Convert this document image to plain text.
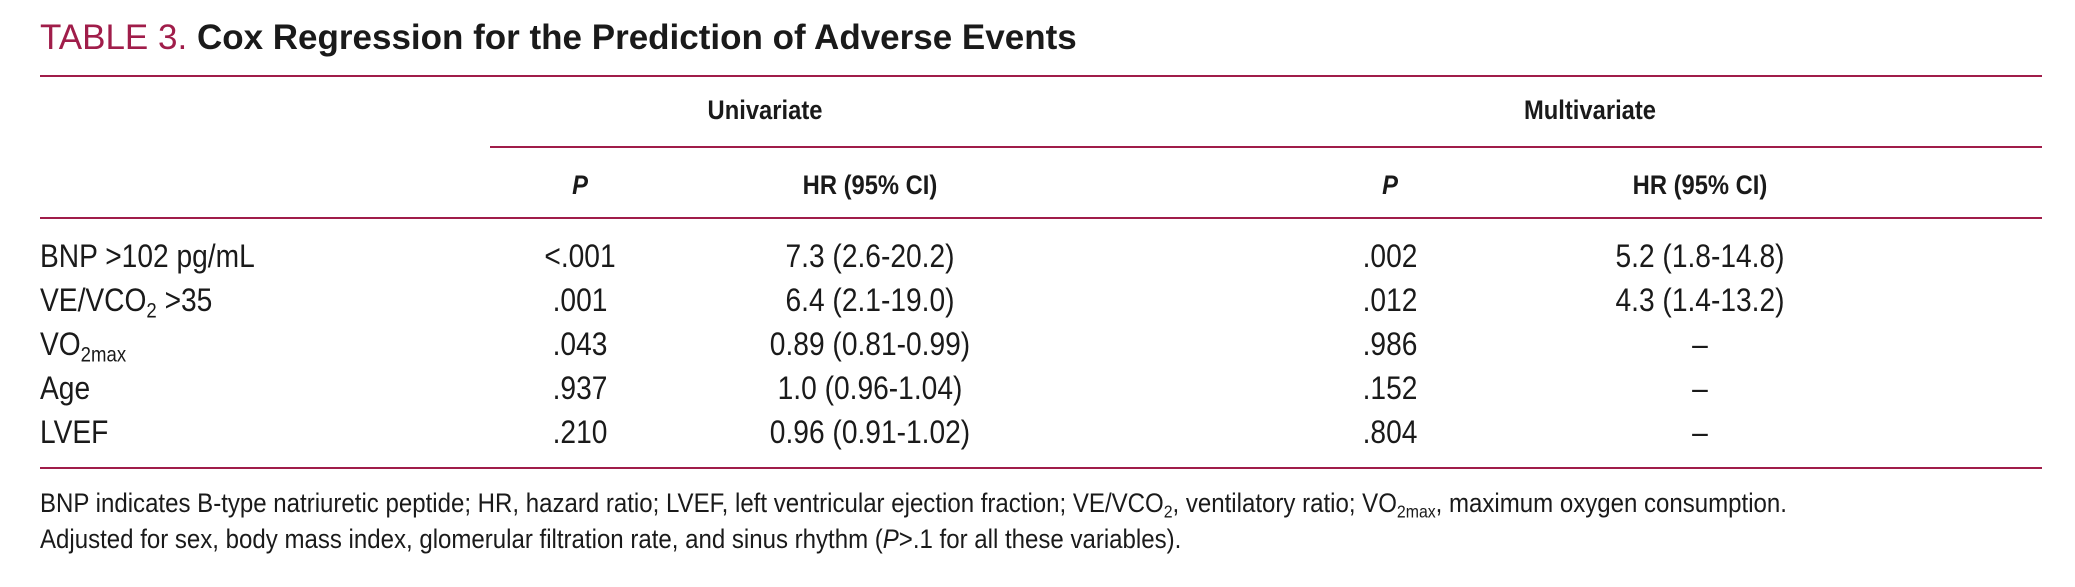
TABLE 3. Cox Regression for the Prediction of Adverse Events
Univariate	Multivariate
P	HR (95% CI)	P	HR (95% CI)
BNP >102 pg/mL	<.001	7.3 (2.6-20.2)	.002	5.2 (1.8-14.8)
$VE/VCO_2 >35$	.001	6.4 (2.1-19.0)	.012	4.3 (1.4-13.2)
$VO_{2max}$	.043	0.89 (0.81-0.99)	.986	–
Age	.937	1.0 (0.96-1.04)	.152	–
LVEF	.210	0.96 (0.91-1.02)	.804	–
BNP indicates B-type natriuretic peptide; HR, hazard ratio; LVEF, left ventricular ejection fraction; $VE/VCO_2$, ventilatory ratio; $VO_{2max}$, maximum oxygen consumption.
Adjusted for sex, body mass index, glomerular filtration rate, and sinus rhythm (P>.1 for all these variables).
